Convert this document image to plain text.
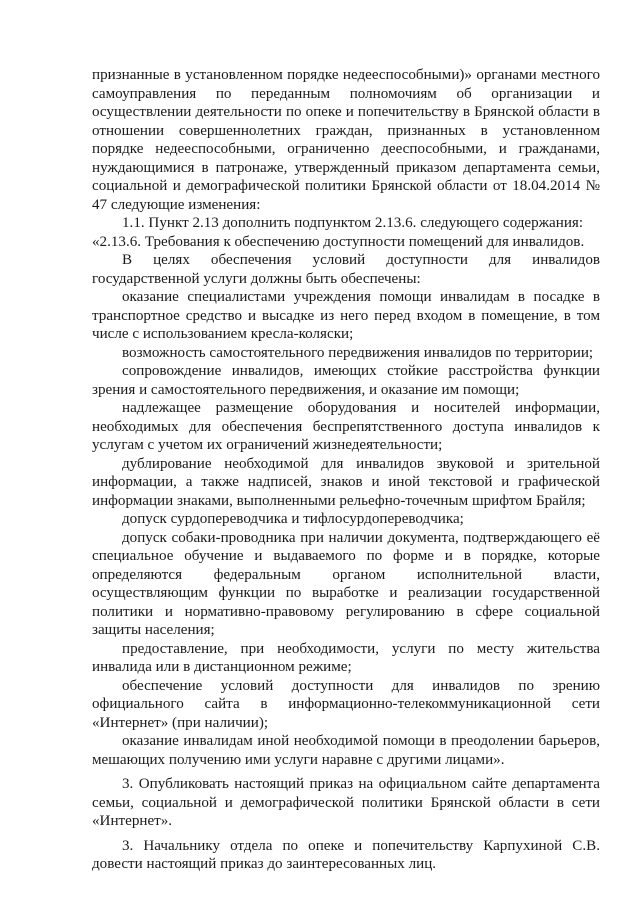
признанные в установленном порядке недееспособными)» органами местного самоуправления по переданным полномочиям об организации и осуществлении деятельности по опеке и попечительству в Брянской области в отношении совершеннолетних граждан, признанных в установленном порядке недееспособными, ограниченно дееспособными, и гражданами, нуждающимися в патронаже, утвержденный приказом департамента семьи, социальной и демографической политики Брянской области от 18.04.2014 № 47 следующие изменения:

1.1. Пункт 2.13 дополнить подпунктом 2.13.6. следующего содержания:

«2.13.6. Требования к обеспечению доступности помещений для инвалидов.

В целях обеспечения условий доступности для инвалидов государственной услуги должны быть обеспечены:

оказание специалистами учреждения помощи инвалидам в посадке в транспортное средство и высадке из него перед входом в помещение, в том числе с использованием кресла-коляски;

возможность самостоятельного передвижения инвалидов по территории;

сопровождение инвалидов, имеющих стойкие расстройства функции зрения и самостоятельного передвижения, и оказание им помощи;

надлежащее размещение оборудования и носителей информации, необходимых для обеспечения беспрепятственного доступа инвалидов к услугам с учетом их ограничений жизнедеятельности;

дублирование необходимой для инвалидов звуковой и зрительной информации, а также надписей, знаков и иной текстовой и графической информации знаками, выполненными рельефно-точечным шрифтом Брайля;

допуск сурдопереводчика и тифлосурдопереводчика;

допуск собаки-проводника при наличии документа, подтверждающего её специальное обучение и выдаваемого по форме и в порядке, которые определяются федеральным органом исполнительной власти, осуществляющим функции по выработке и реализации государственной политики и нормативно-правовому регулированию в сфере социальной защиты населения;

предоставление, при необходимости, услуги по месту жительства инвалида или в дистанционном режиме;

обеспечение условий доступности для инвалидов по зрению официального сайта в информационно-телекоммуникационной сети «Интернет» (при наличии);

оказание инвалидам иной необходимой помощи в преодолении барьеров, мешающих получению ими услуги наравне с другими лицами».

3. Опубликовать настоящий приказ на официальном сайте департамента семьи, социальной и демографической политики Брянской области в сети «Интернет».

3. Начальнику отдела по опеке и попечительству Карпухиной С.В. довести настоящий приказ до заинтересованных лиц.
